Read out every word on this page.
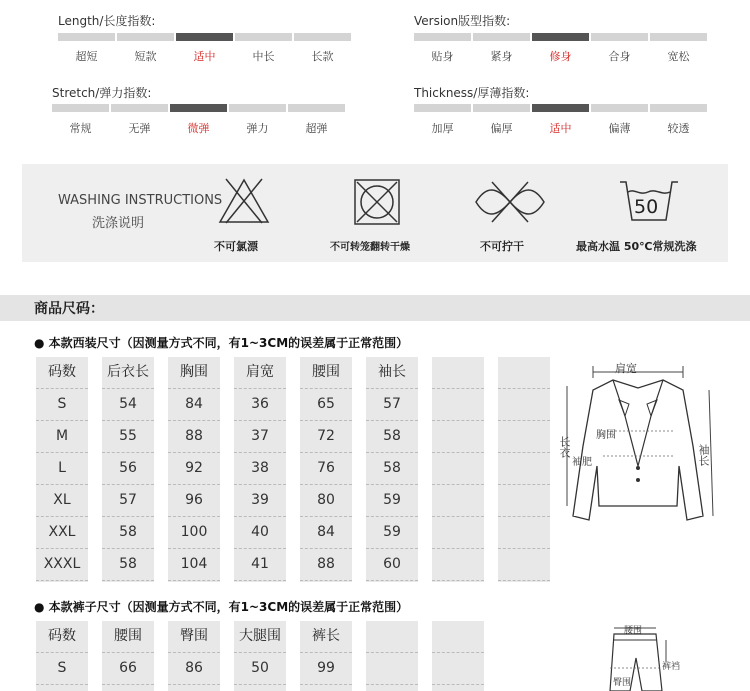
Length/长度指数:
超短	短款	适中	中长	长款
Version版型指数:
贴身	紧身	修身	合身	宽松
Stretch/弹力指数:
常规	无弹	微弹	弹力	超弹
Thickness/厚薄指数:
加厚	偏厚	适中	偏薄	较透
WASHING INSTRUCTIONS
洗涤说明
不可氯漂	不可转笼翻转干燥	不可拧干
50
最高水温 50℃常规洗涤
商品尺码：
● 本款西装尺寸（因测量方式不同，有1~3CM的误差属于正常范围）
码数	后衣长	胸围	肩宽	腰围	袖长
S	54	84	36	65	57
M	55	88	37	72	58
L	56	92	38	76	58
XL	57	96	39	80	59
XXL	58	100	40	84	59
XXXL	58	104	41	88	60
肩宽
胸围
长衣
袖肥	袖长
● 本款裤子尺寸（因测量方式不同，有1~3CM的误差属于正常范围）
码数	腰围	臀围	大腿围	裤长
S	66	86	50	99
腰围
裤裆
臀围
